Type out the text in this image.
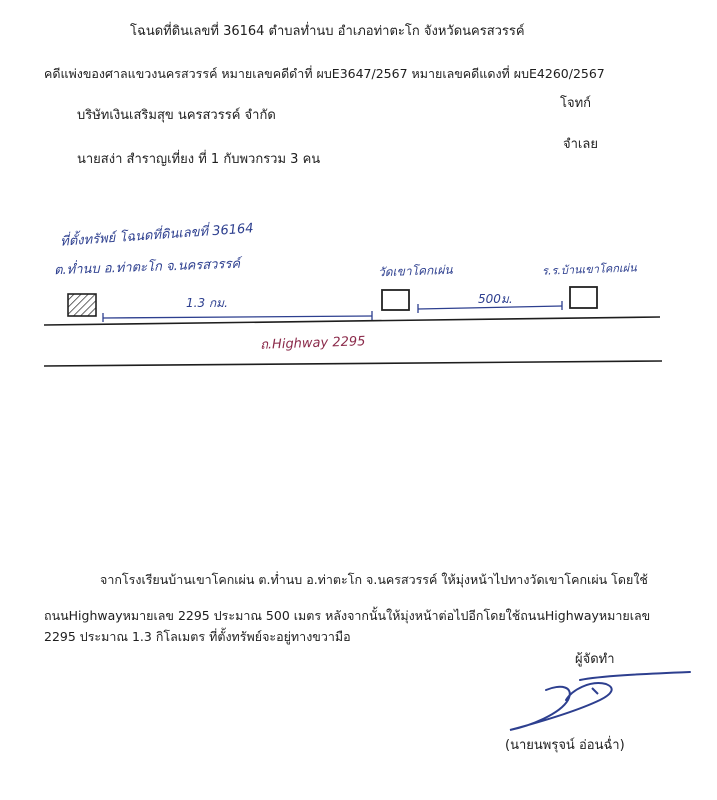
โฉนดที่ดินเลขที่ 36164 ตำบลท่ำนบ อำเภอท่าตะโก จังหวัดนครสวรรค์
คดีแพ่งของศาลแขวงนครสวรรค์ หมายเลขคดีดำที่ ผบE3647/2567 หมายเลขคดีแดงที่ ผบE4260/2567
บริษัทเงินเสริมสุข นครสวรรค์ จำกัด
โจทก์
นายสง่า สำราญเที่ยง ที่ 1 กับพวกรวม 3 คน
จำเลย
ที่ตั้งทรัพย์ โฉนดที่ดินเลขที่ 36164
ต.ท่ำนบ อ.ท่าตะโก จ.นครสวรรค์	วัดเขาโคกเผ่น	ร.ร.บ้านเขาโคกเผ่น
1.3 กม.	500ม.
ถ.Highway 2295
จากโรงเรียนบ้านเขาโคกเผ่น ต.ท่ำนบ อ.ท่าตะโก จ.นครสวรรค์ ให้มุ่งหน้าไปทางวัดเขาโคกเผ่น โดยใช้
ถนนHighwayหมายเลข 2295 ประมาณ 500 เมตร หลังจากนั้นให้มุ่งหน้าต่อไปอีกโดยใช้ถนนHighwayหมายเลข
2295 ประมาณ 1.3 กิโลเมตร ที่ตั้งทรัพย์จะอยู่ทางขวามือ
ผู้จัดทำ
(นายนพรุจน์ อ่อนฉ่ำ)
